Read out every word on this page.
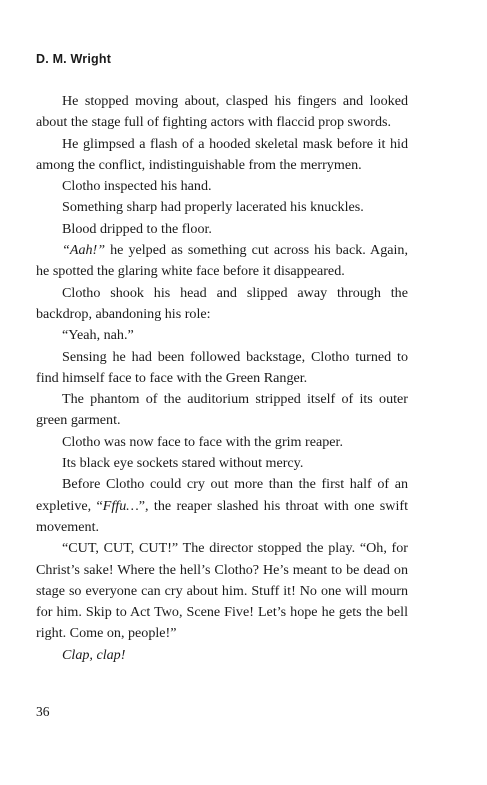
D. M. Wright

He stopped moving about, clasped his fingers and looked about the stage full of fighting actors with flaccid prop swords.

He glimpsed a flash of a hooded skeletal mask before it hid among the conflict, indistinguishable from the merrymen.

Clotho inspected his hand.

Something sharp had properly lacerated his knuckles.

Blood dripped to the floor.

“Aah!” he yelped as something cut across his back. Again, he spotted the glaring white face before it disappeared.

Clotho shook his head and slipped away through the backdrop, abandoning his role:

“Yeah, nah.”

Sensing he had been followed backstage, Clotho turned to find himself face to face with the Green Ranger.

The phantom of the auditorium stripped itself of its outer green garment.

Clotho was now face to face with the grim reaper.

Its black eye sockets stared without mercy.

Before Clotho could cry out more than the first half of an expletive, “Fffu…”, the reaper slashed his throat with one swift movement.

“CUT, CUT, CUT!” The director stopped the play. “Oh, for Christ’s sake! Where the hell’s Clotho? He’s meant to be dead on stage so everyone can cry about him. Stuff it! No one will mourn for him. Skip to Act Two, Scene Five! Let’s hope he gets the bell right. Come on, people!”

Clap, clap!

36
